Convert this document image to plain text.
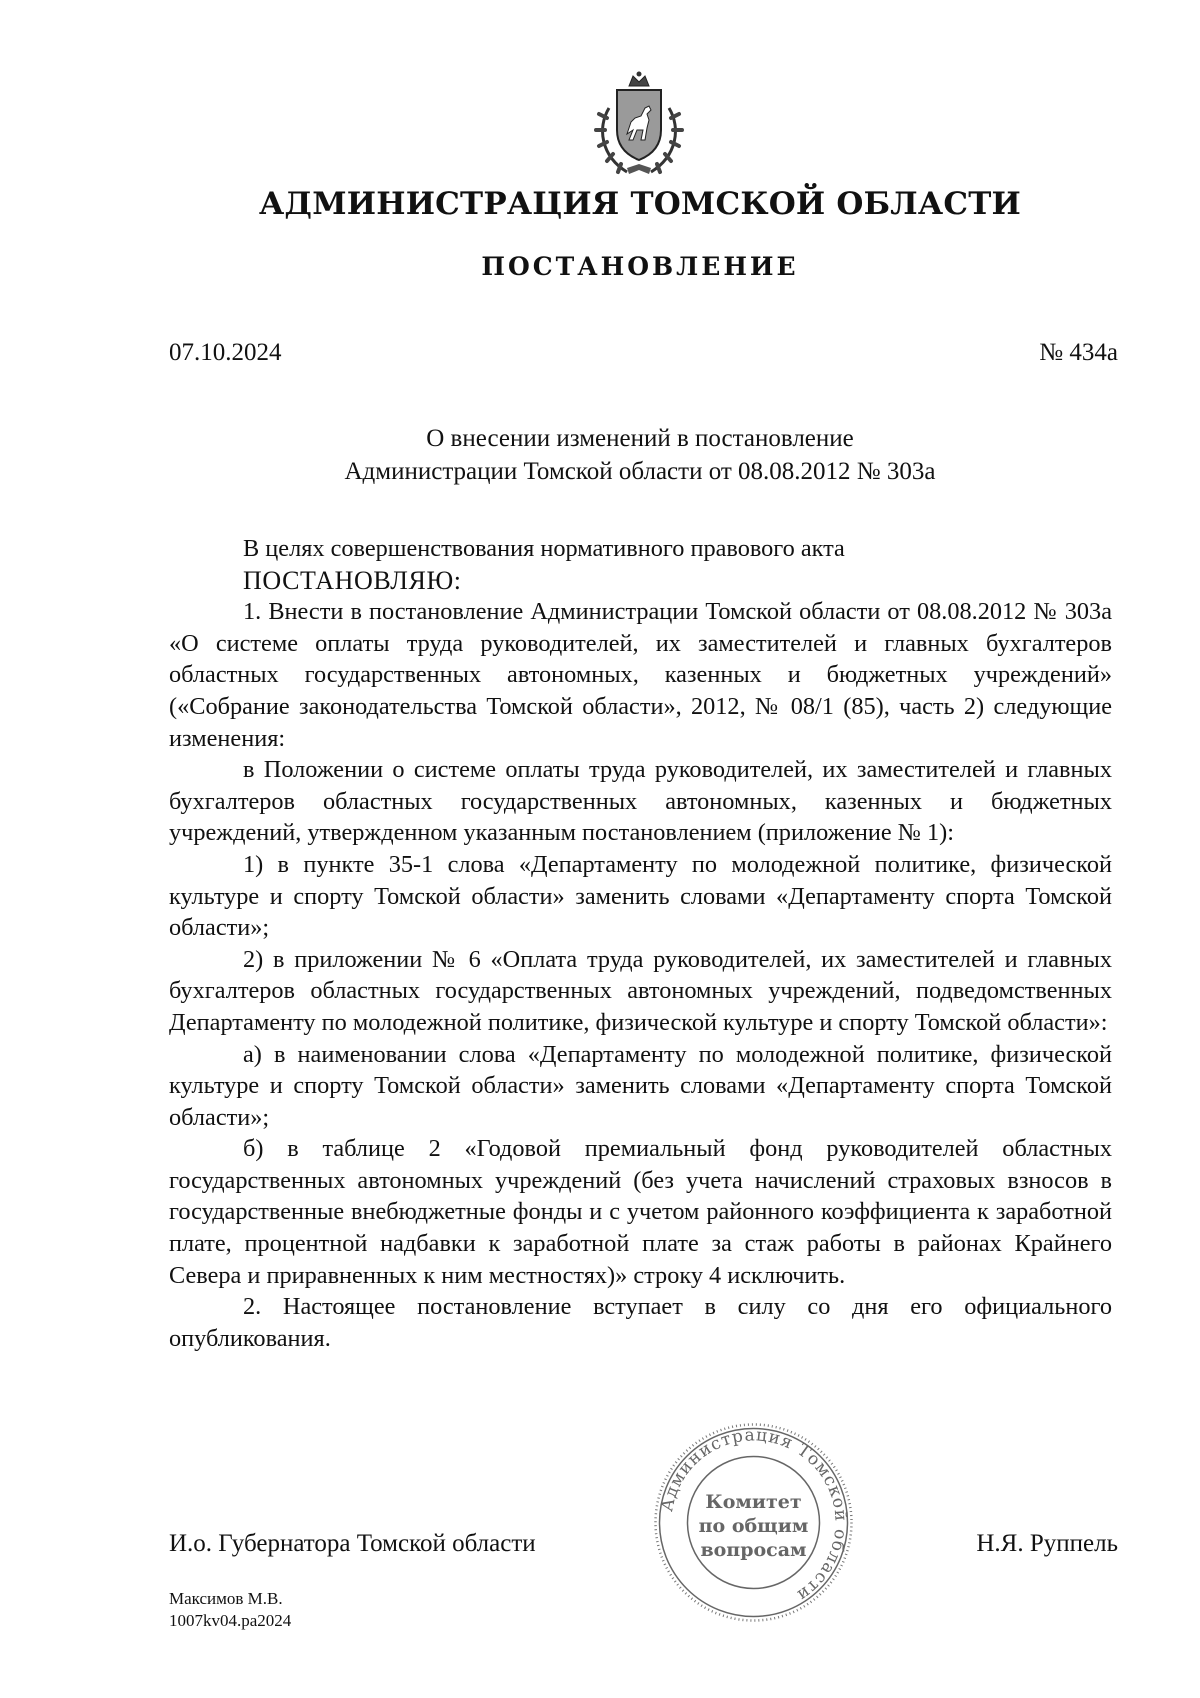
АДМИНИСТРАЦИЯ ТОМСКОЙ ОБЛАСТИ
ПОСТАНОВЛЕНИЕ
07.10.2024	№ 434а
О внесении изменений в постановление
Администрации Томской области от 08.08.2012 № 303а

В целях совершенствования нормативного правового акта

ПОСТАНОВЛЯЮ:

1. Внести в постановление Администрации Томской области от 08.08.2012 № 303а «О системе оплаты труда руководителей, их заместителей и главных бухгалтеров областных государственных автономных, казенных и бюджетных учреждений» («Собрание законодательства Томской области», 2012, № 08/1 (85), часть 2) следующие изменения:

в Положении о системе оплаты труда руководителей, их заместителей и главных бухгалтеров областных государственных автономных, казенных и бюджетных учреждений, утвержденном указанным постановлением (приложение № 1):

1) в пункте 35-1 слова «Департаменту по молодежной политике, физической культуре и спорту Томской области» заменить словами «Департаменту спорта Томской области»;

2) в приложении № 6 «Оплата труда руководителей, их заместителей и главных бухгалтеров областных государственных автономных учреждений, подведомственных Департаменту по молодежной политике, физической культуре и спорту Томской области»:

а) в наименовании слова «Департаменту по молодежной политике, физической культуре и спорту Томской области» заменить словами «Департаменту спорта Томской области»;

б) в таблице 2 «Годовой премиальный фонд руководителей областных государственных автономных учреждений (без учета начислений страховых взносов в государственные внебюджетные фонды и с учетом районного коэффициента к заработной плате, процентной надбавки к заработной плате за стаж работы в районах Крайнего Севера и приравненных к ним местностях)» строку 4 исключить.

2. Настоящее постановление вступает в силу со дня его официального опубликования.

Администрация Томской области
Комитет
по общим
вопросам
И.о. Губернатора Томской области	Н.Я. Руппель
Максимов М.В.
1007kv04.pa2024
